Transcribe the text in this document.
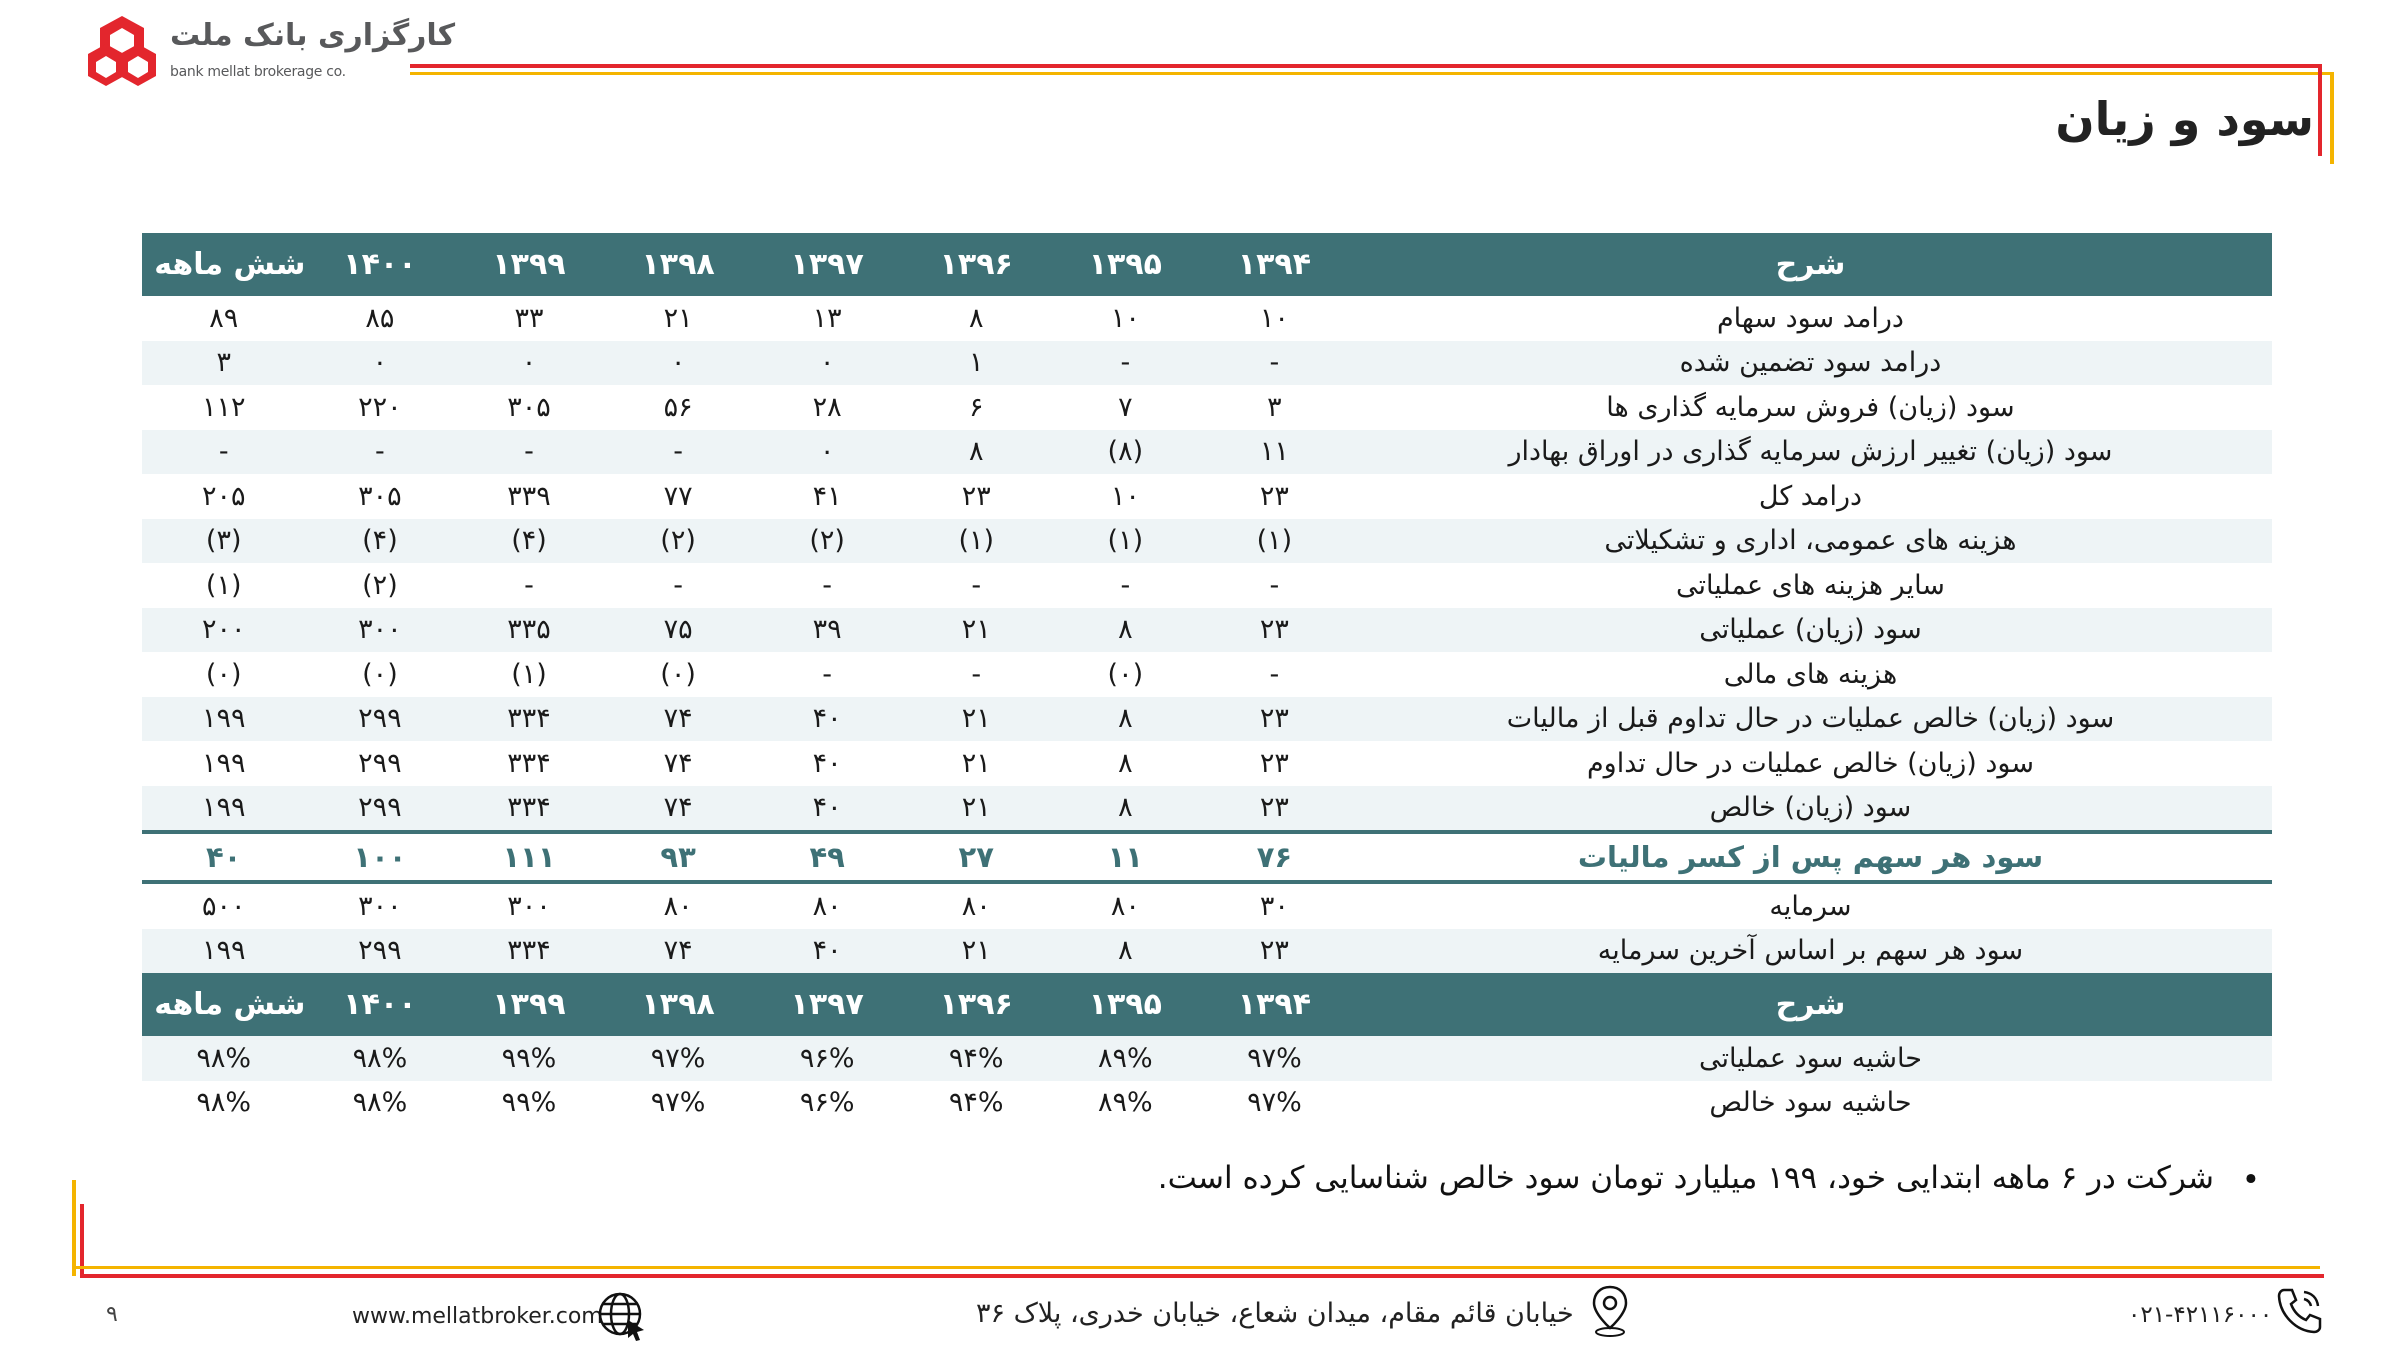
کارگزاری بانک ملت
bank mellat brokerage co.
سود و زیان
شرح	۱۳۹۴	۱۳۹۵	۱۳۹۶	۱۳۹۷	۱۳۹۸	۱۳۹۹	۱۴۰۰	شش ماهه ۱۴۰۱
درامد سود سهام	۱۰	۱۰	۸	۱۳	۲۱	۳۳	۸۵	۸۹
درامد سود تضمین شده	-	-	۱	۰	۰	۰	۰	۳
سود (زیان) فروش سرمایه گذاری ها	۳	۷	۶	۲۸	۵۶	۳۰۵	۲۲۰	۱۱۲
سود (زیان) تغییر ارزش سرمایه گذاری در اوراق بهادار	۱۱	(۸)	۸	۰	-	-	-	-
درامد کل	۲۳	۱۰	۲۳	۴۱	۷۷	۳۳۹	۳۰۵	۲۰۵
هزینه های عمومی، اداری و تشکیلاتی	(۱)	(۱)	(۱)	(۲)	(۲)	(۴)	(۴)	(۳)
سایر هزینه های عملیاتی	-	-	-	-	-	-	(۲)	(۱)
سود (زیان) عملیاتی	۲۳	۸	۲۱	۳۹	۷۵	۳۳۵	۳۰۰	۲۰۰
هزینه های مالی	-	(۰)	-	-	(۰)	(۱)	(۰)	(۰)
سود (زیان) خالص عملیات در حال تداوم قبل از مالیات	۲۳	۸	۲۱	۴۰	۷۴	۳۳۴	۲۹۹	۱۹۹
سود (زیان) خالص عملیات در حال تداوم	۲۳	۸	۲۱	۴۰	۷۴	۳۳۴	۲۹۹	۱۹۹
سود (زیان) خالص	۲۳	۸	۲۱	۴۰	۷۴	۳۳۴	۲۹۹	۱۹۹
سود هر سهم پس از کسر مالیات	۷۶	۱۱	۲۷	۴۹	۹۳	۱۱۱	۱۰۰	۴۰
سرمایه	۳۰	۸۰	۸۰	۸۰	۸۰	۳۰۰	۳۰۰	۵۰۰
سود هر سهم بر اساس آخرین سرمایه	۲۳	۸	۲۱	۴۰	۷۴	۳۳۴	۲۹۹	۱۹۹
شرح	۱۳۹۴	۱۳۹۵	۱۳۹۶	۱۳۹۷	۱۳۹۸	۱۳۹۹	۱۴۰۰	شش ماهه ۱۴۰۱
حاشیه سود عملیاتی	۹۷%	۸۹%	۹۴%	۹۶%	۹۷%	۹۹%	۹۸%	۹۸%
حاشیه سود خالص	۹۷%	۸۹%	۹۴%	۹۶%	۹۷%	۹۹%	۹۸%	۹۸%
•
شرکت در ۶ ماهه ابتدایی خود، ۱۹۹ میلیارد تومان سود خالص شناسایی کرده است.
۹	www.mellatbroker.com	خیابان قائم مقام، میدان شعاع، خیابان خدری، پلاک ۳۶	۰۲۱-۴۲۱۱۶۰۰۰
